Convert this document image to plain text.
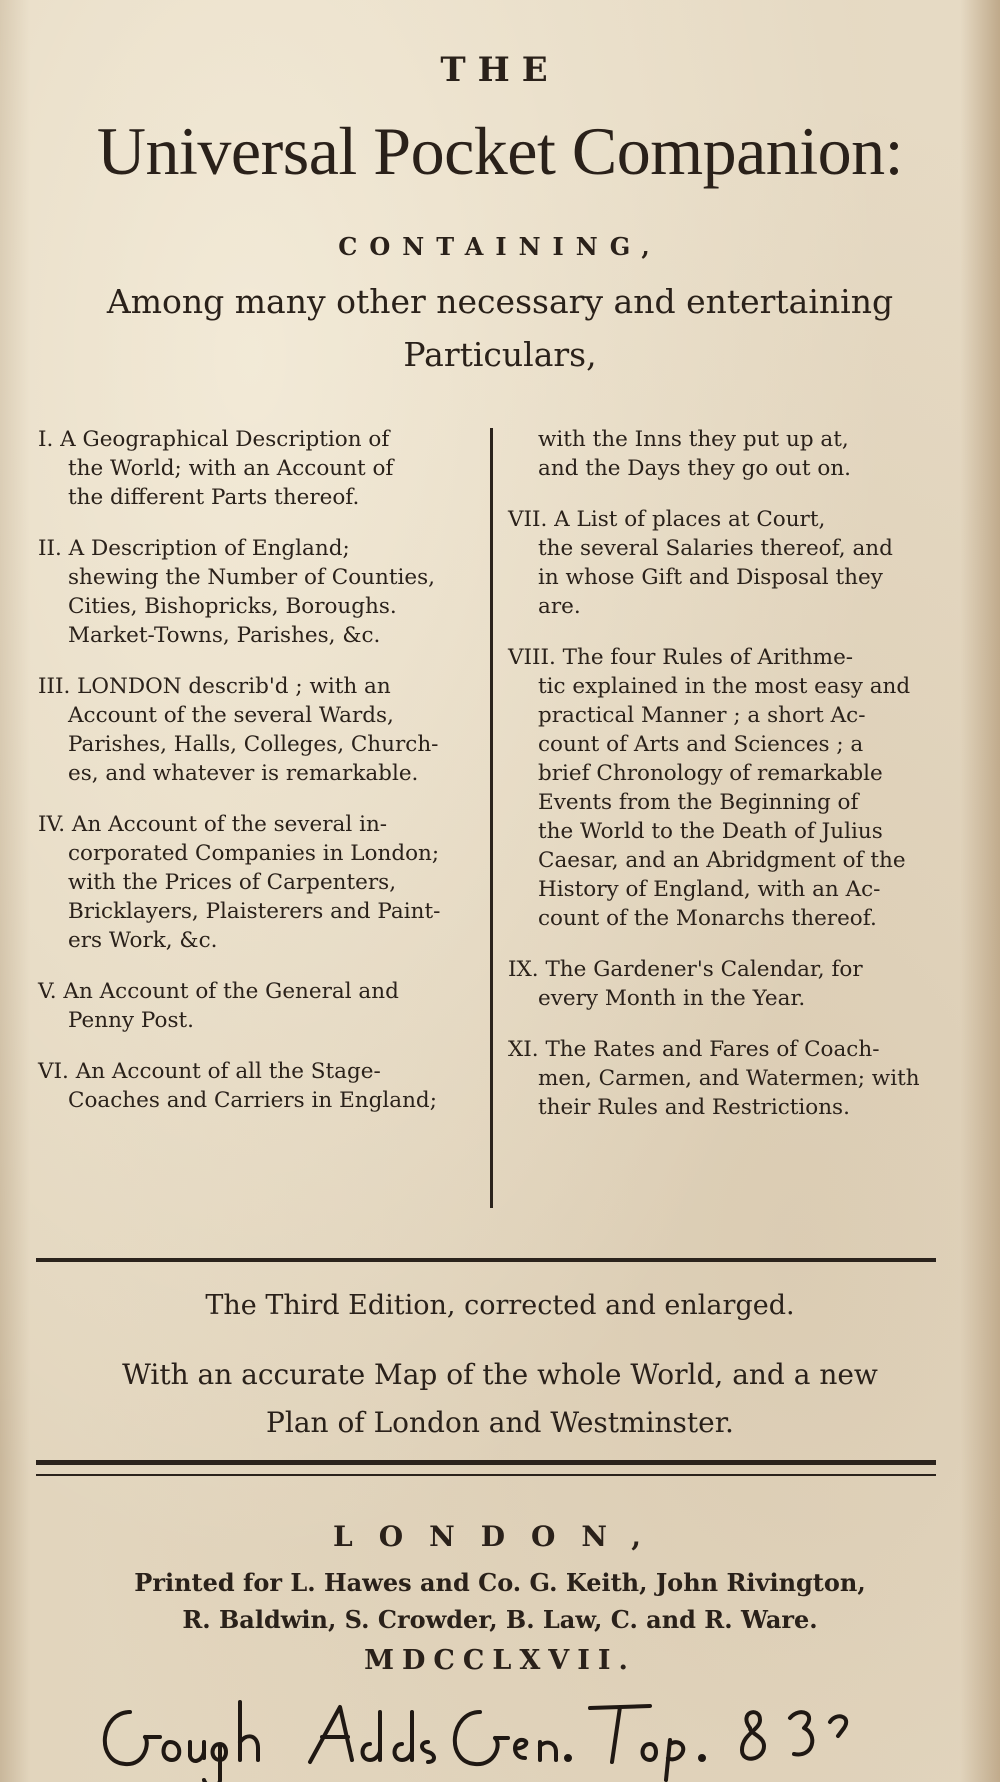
THE
Universal Pocket Companion:
CONTAINING,
Among many other necessary and entertaining
Particulars,
I. A Geographical Description of
the World; with an Account of
the different Parts thereof.
II. A Description of England;
shewing the Number of Counties,
Cities, Bishopricks, Boroughs.
Market-Towns, Parishes, &c.
III. LONDON describ'd ; with an
Account of the several Wards,
Parishes, Halls, Colleges, Church-
es, and whatever is remarkable.
IV. An Account of the several in-
corporated Companies in London;
with the Prices of Carpenters,
Bricklayers, Plaisterers and Paint-
ers Work, &c.
V. An Account of the General and
Penny Post.
VI. An Account of all the Stage-
Coaches and Carriers in England;
with the Inns they put up at,
and the Days they go out on.
VII. A List of places at Court,
the several Salaries thereof, and
in whose Gift and Disposal they
are.
VIII. The four Rules of Arithme-
tic explained in the most easy and
practical Manner ; a short Ac-
count of Arts and Sciences ; a
brief Chronology of remarkable
Events from the Beginning of
the World to the Death of Julius
Caesar, and an Abridgment of the
History of England, with an Ac-
count of the Monarchs thereof.
IX. The Gardener's Calendar, for
every Month in the Year.
XI. The Rates and Fares of Coach-
men, Carmen, and Watermen; with
their Rules and Restrictions.
The Third Edition, corrected and enlarged.
With an accurate Map of the whole World, and a new
Plan of London and Westminster.
LONDON,
Printed for L. Hawes and Co. G. Keith, John Rivington,
R. Baldwin, S. Crowder, B. Law, C. and R. Ware.
MDCCLXVII.
